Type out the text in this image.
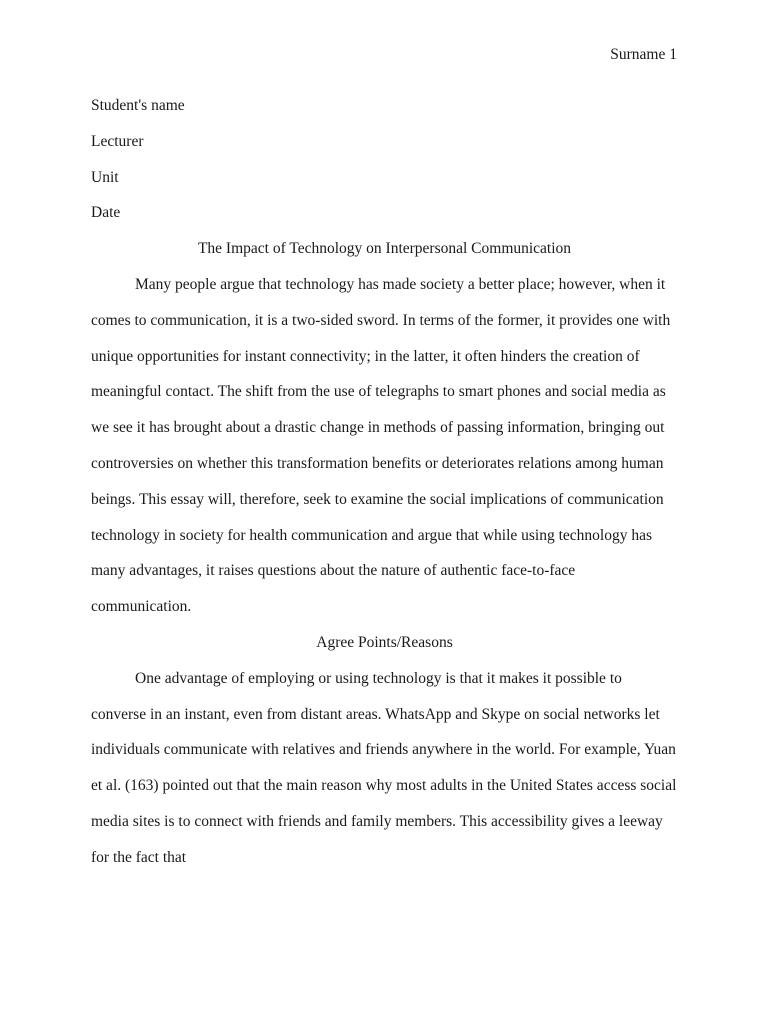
Surname 1

Student's name

Lecturer

Unit

Date

The Impact of Technology on Interpersonal Communication

Many people argue that technology has made society a better place; however, when it comes to communication, it is a two-sided sword. In terms of the former, it provides one with unique opportunities for instant connectivity; in the latter, it often hinders the creation of meaningful contact. The shift from the use of telegraphs to smart phones and social media as we see it has brought about a drastic change in methods of passing information, bringing out controversies on whether this transformation benefits or deteriorates relations among human beings. This essay will, therefore, seek to examine the social implications of communication technology in society for health communication and argue that while using technology has many advantages, it raises questions about the nature of authentic face-to-face communication.

Agree Points/Reasons

One advantage of employing or using technology is that it makes it possible to converse in an instant, even from distant areas. WhatsApp and Skype on social networks let individuals communicate with relatives and friends anywhere in the world. For example, Yuan et al. (163) pointed out that the main reason why most adults in the United States access social media sites is to connect with friends and family members. This accessibility gives a leeway for the fact that
